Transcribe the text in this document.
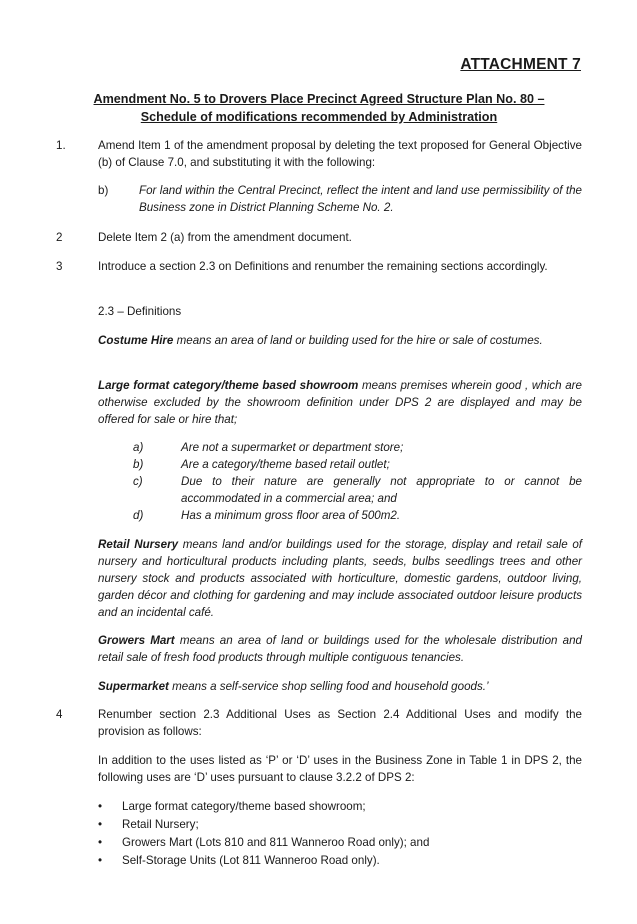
ATTACHMENT 7
Amendment No. 5 to Drovers Place Precinct Agreed Structure Plan No. 80 –
Schedule of modifications recommended by Administration
1.	Amend Item 1 of the amendment proposal by deleting the text proposed for General Objective (b) of Clause 7.0, and substituting it with the following:
b)	For land within the Central Precinct, reflect the intent and land use permissibility of the Business zone in District Planning Scheme No. 2.
2	Delete Item 2 (a) from the amendment document.
3	Introduce a section 2.3 on Definitions and renumber the remaining sections accordingly.
2.3 – Definitions
Costume Hire means an area of land or building used for the hire or sale of costumes.
Large format category/theme based showroom means premises wherein good , which are otherwise excluded by the showroom definition under DPS 2 are displayed and may be offered for sale or hire that;
a)	Are not a supermarket or department store;
b)	Are a category/theme based retail outlet;
c)	Due to their nature are generally not appropriate to or cannot be accommodated in a commercial area; and
d)	Has a minimum gross floor area of 500m2.
Retail Nursery means land and/or buildings used for the storage, display and retail sale of nursery and horticultural products including plants, seeds, bulbs seedlings trees and other nursery stock and products associated with horticulture, domestic gardens, outdoor living, garden décor and clothing for gardening and may include associated outdoor leisure products and an incidental café.
Growers Mart means an area of land or buildings used for the wholesale distribution and retail sale of fresh food products through multiple contiguous tenancies.
Supermarket means a self-service shop selling food and household goods.’
4	Renumber section 2.3 Additional Uses as Section 2.4 Additional Uses and modify the provision as follows:
In addition to the uses listed as ‘P’ or ‘D’ uses in the Business Zone in Table 1 in DPS 2, the following uses are ‘D’ uses pursuant to clause 3.2.2 of DPS 2:
• Large format category/theme based showroom;
• Retail Nursery;
• Growers Mart (Lots 810 and 811 Wanneroo Road only); and
• Self-Storage Units (Lot 811 Wanneroo Road only).
